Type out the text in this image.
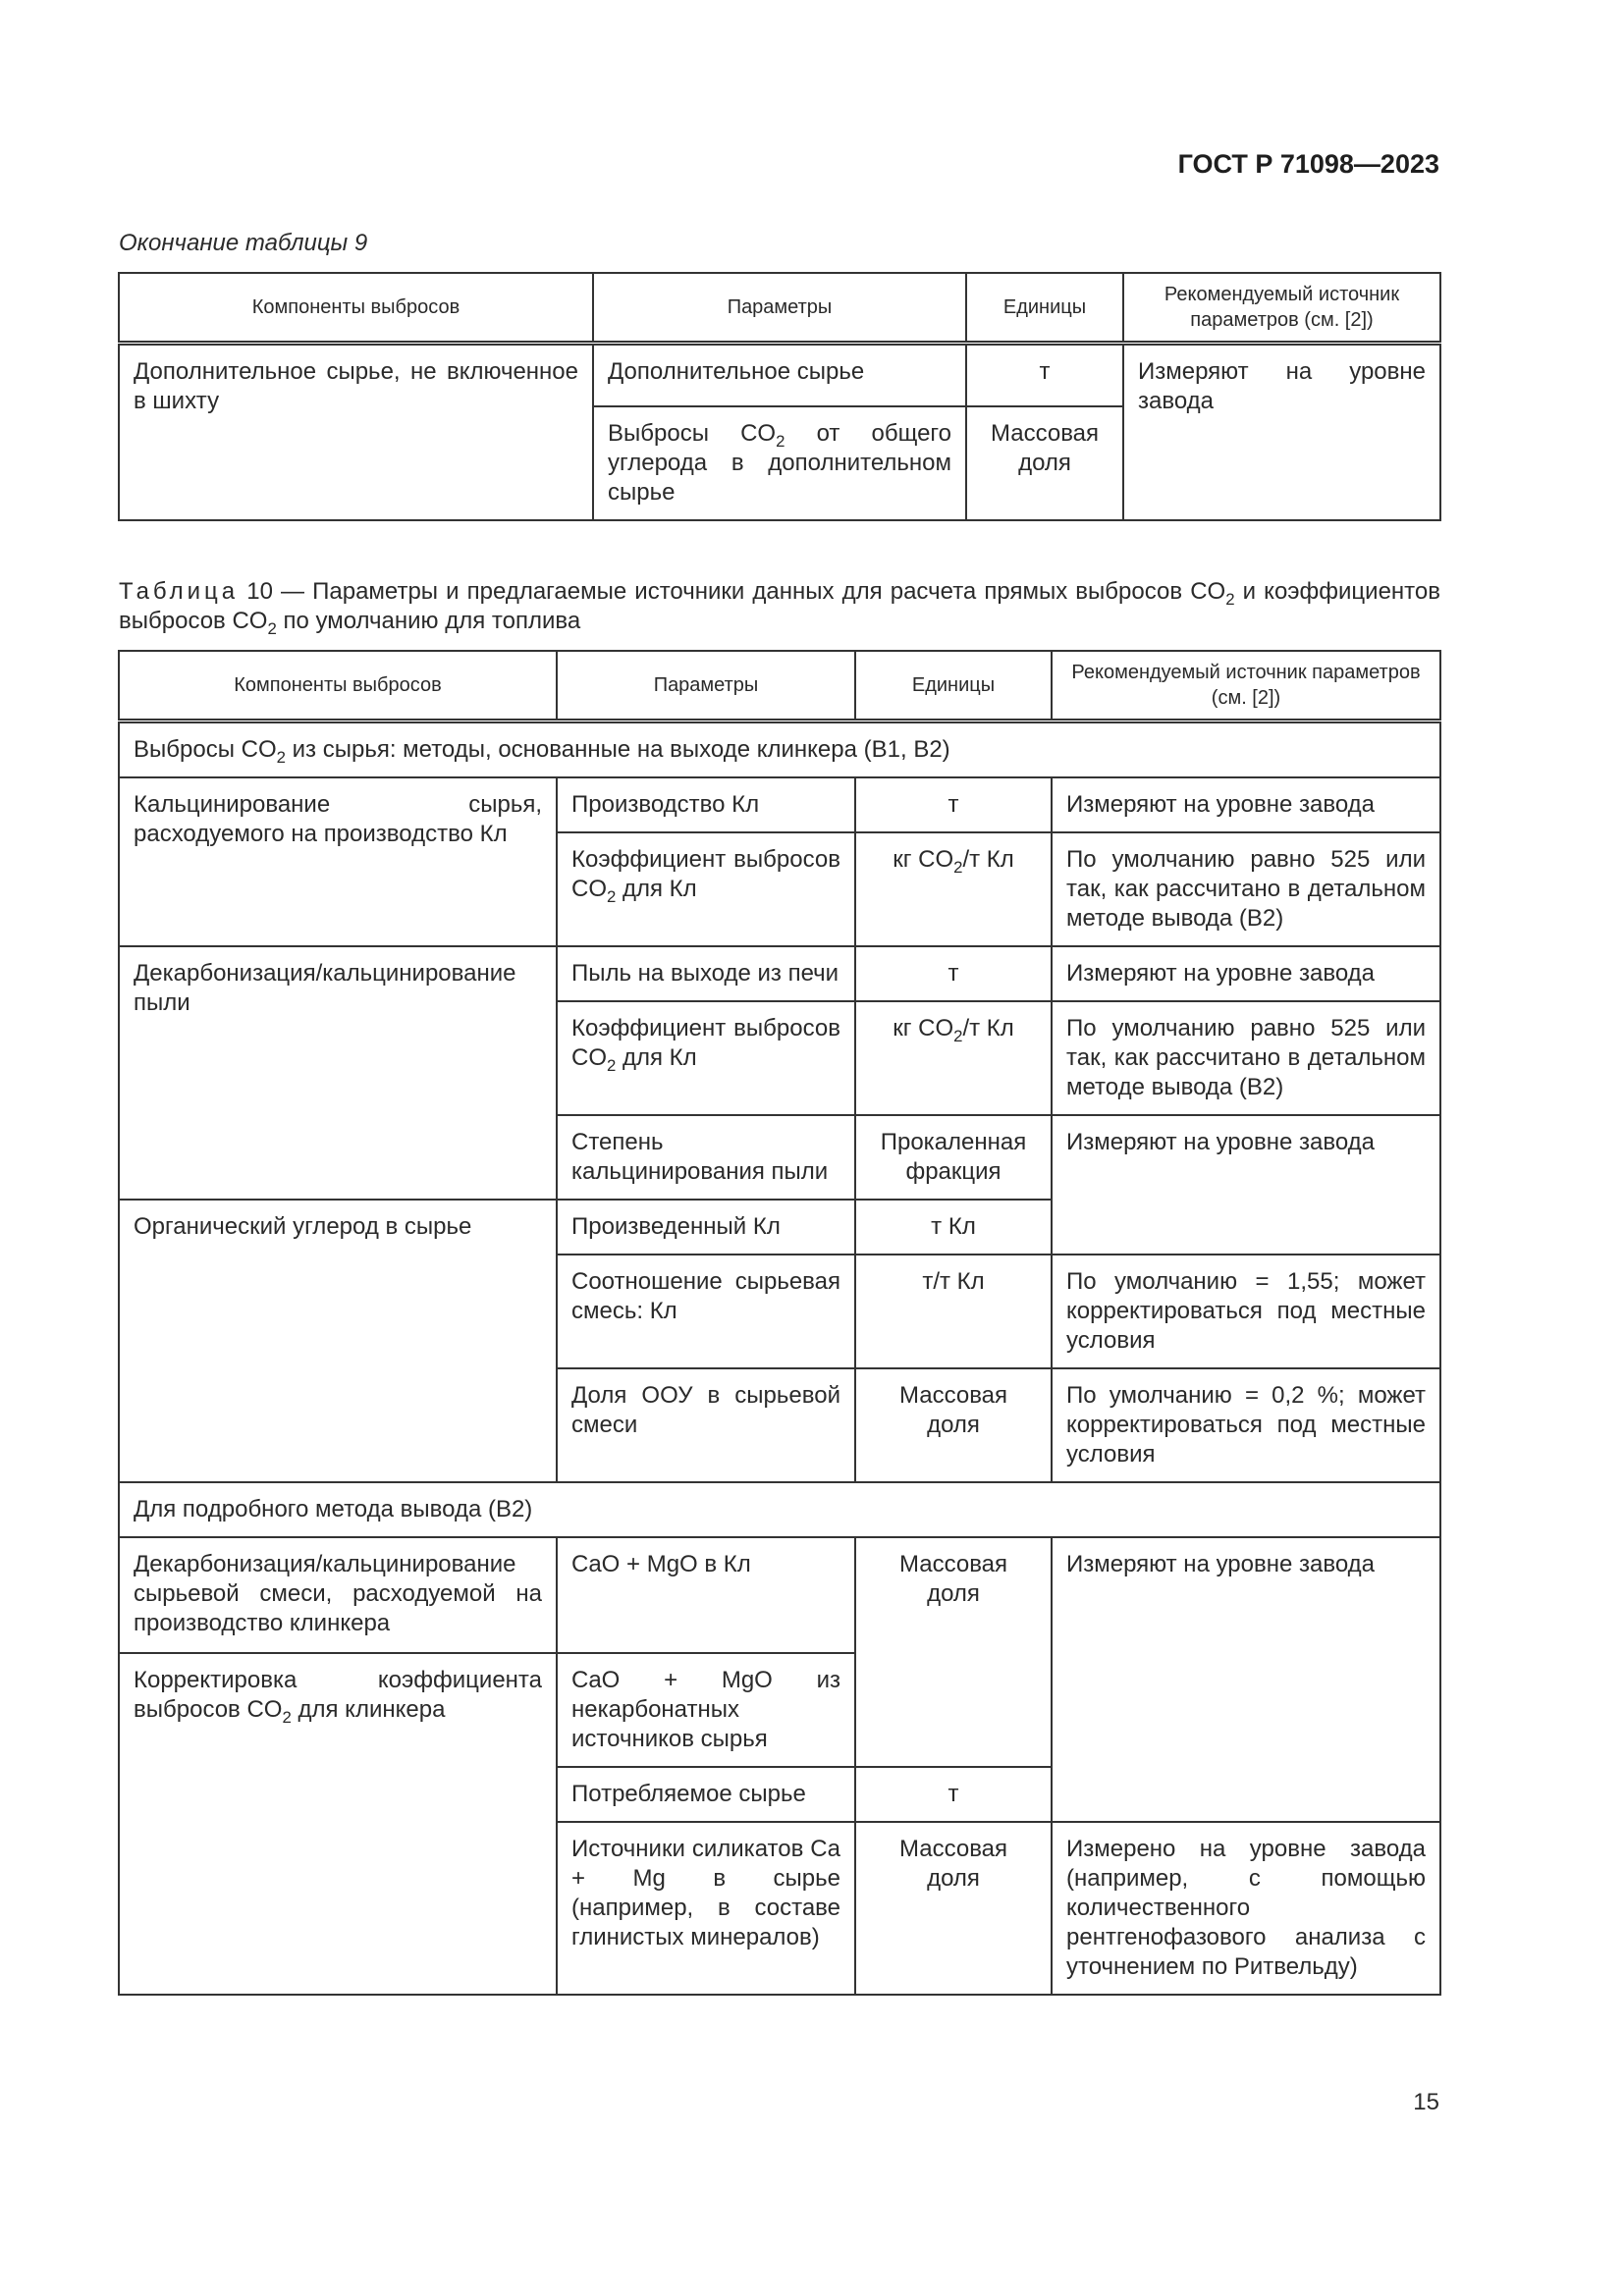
ГОСТ Р 71098—2023
Окончание таблицы 9
Компоненты выбросов	Параметры	Единицы	Рекомендуемый источник параметров (см. [2])
Дополнительное сырье, не включенное в шихту	Дополнительное сырье	т	Измеряют на уровне завода
	Выбросы $CO_2$ от общего углерода в дополнительном сырье	Массовая доля	
Таблица 10 — Параметры и предлагаемые источники данных для расчета прямых выбросов $CO_2$ и коэффициентов выбросов $CO_2$ по умолчанию для топлива
Компоненты выбросов	Параметры	Единицы	Рекомендуемый источник параметров (см. [2])
Выбросы $CO_2$ из сырья: методы, основанные на выходе клинкера (B1, B2)			
Кальцинирование сырья, расходуемого на производство Кл	Производство Кл	т	Измеряют на уровне завода
	Коэффициент выбросов $CO_2$ для Кл	кг $CO_2/т$ Кл	По умолчанию равно 525 или так, как рассчитано в детальном методе вывода (B2)
Декарбонизация/кальцинирование пыли	Пыль на выходе из печи	т	Измеряют на уровне завода
	Коэффициент выбросов $CO_2$ для Кл	кг $CO_2/т$ Кл	По умолчанию равно 525 или так, как рассчитано в детальном методе вывода (B2)
	Степень кальцинирования пыли	Прокаленная фракция	Измеряют на уровне завода
Органический углерод в сырье	Произведенный Кл	т Кл	
	Соотношение сырьевая смесь: Кл	т/т Кл	По умолчанию = 1,55; может корректироваться под местные условия
	Доля ООУ в сырьевой смеси	Массовая доля	По умолчанию = 0,2 %; может корректироваться под местные условия
Для подробного метода вывода (B2)			
Декарбонизация/кальцинирование сырьевой смеси, расходуемой на производство клинкера	CaO + MgO в Кл	Массовая доля	Измеряют на уровне завода
Корректировка коэффициента выбросов $CO_2$ для клинкера	CaO + MgO из некарбонатных источников сырья		
	Потребляемое сырье	т	
	Источники силикатов Ca + Mg в сырье (например, в составе глинистых минералов)	Массовая доля	Измерено на уровне завода (например, с помощью количественного рентгенофазового анализа с уточнением по Ритвельду)
15
